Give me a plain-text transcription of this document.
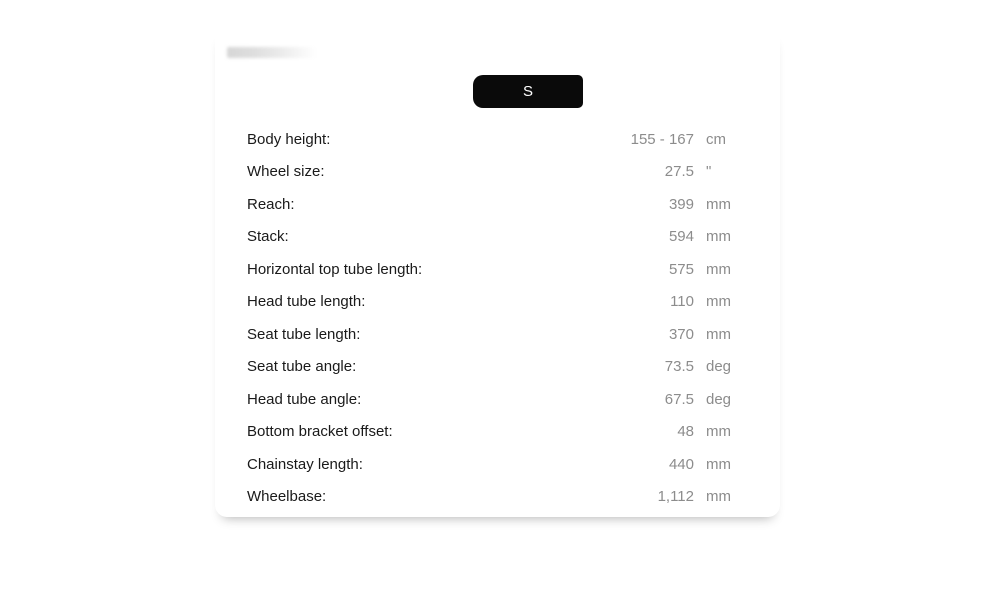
S
Body height:	155 - 167 cm
Wheel size:	27.5 "
Reach:	399 mm
Stack:	594 mm
Horizontal top tube length:	575 mm
Head tube length:	110 mm
Seat tube length:	370 mm
Seat tube angle:	73.5 deg
Head tube angle:	67.5 deg
Bottom bracket offset:	48 mm
Chainstay length:	440 mm
Wheelbase:	1,112 mm
